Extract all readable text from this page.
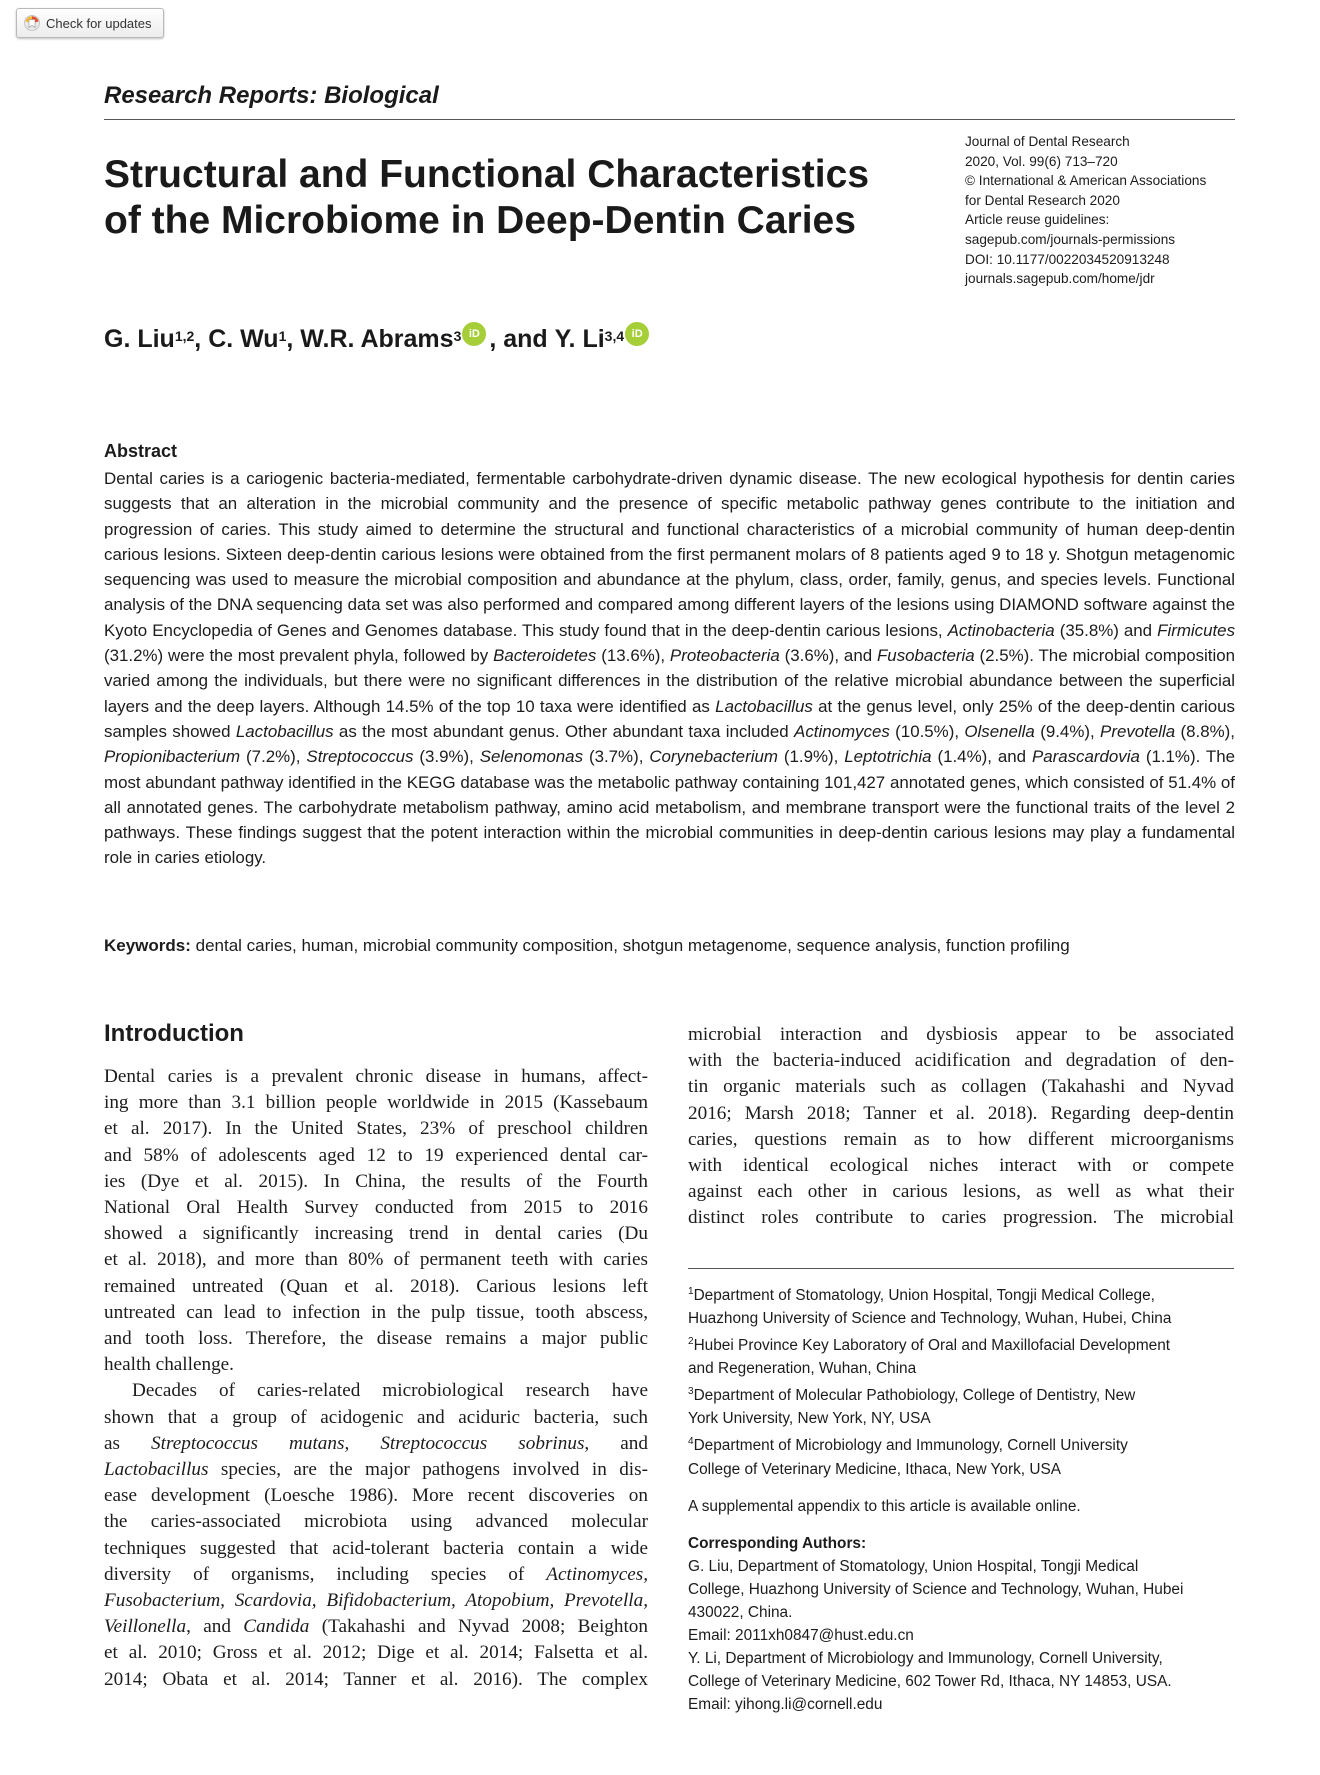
Check for updates
Research Reports: Biological
Structural and Functional Characteristics
of the Microbiome in Deep-Dentin Caries
Journal of Dental Research
2020, Vol. 99(6) 713–720
© International & American Associations
for Dental Research 2020
Article reuse guidelines:
sagepub.com/journals-permissions
DOI: 10.1177/0022034520913248
journals.sagepub.com/home/jdr
G. Liu$^{1,2}$ , C. Wu$^1$ , W.R. Abrams$^3$ iD , and Y. Li$^{3,4}$ iD
Abstract

Dental caries is a cariogenic bacteria-mediated, fermentable carbohydrate-driven dynamic disease. The new ecological hypothesis for dentin caries suggests that an alteration in the microbial community and the presence of specific metabolic pathway genes contribute to the initiation and progression of caries. This study aimed to determine the structural and functional characteristics of a microbial community of human deep-dentin carious lesions. Sixteen deep-dentin carious lesions were obtained from the first permanent molars of 8 patients aged 9 to 18 y. Shotgun metagenomic sequencing was used to measure the microbial composition and abundance at the phylum, class, order, family, genus, and species levels. Functional analysis of the DNA sequencing data set was also performed and compared among different layers of the lesions using DIAMOND software against the Kyoto Encyclopedia of Genes and Genomes database. This study found that in the deep-dentin carious lesions, Actinobacteria (35.8%) and Firmicutes (31.2%) were the most prevalent phyla, followed by Bacteroidetes (13.6%), Proteobacteria (3.6%), and Fusobacteria (2.5%). The microbial composition varied among the individuals, but there were no significant differences in the distribution of the relative microbial abundance between the superficial layers and the deep layers. Although 14.5% of the top 10 taxa were identified as Lactobacillus at the genus level, only 25% of the deep-dentin carious samples showed Lactobacillus as the most abundant genus. Other abundant taxa included Actinomyces (10.5%), Olsenella (9.4%), Prevotella (8.8%), Propionibacterium (7.2%), Streptococcus (3.9%), Selenomonas (3.7%), Corynebacterium (1.9%), Leptotrichia (1.4%), and Parascardovia (1.1%). The most abundant pathway identified in the KEGG database was the metabolic pathway containing 101,427 annotated genes, which consisted of 51.4% of all annotated genes. The carbohydrate metabolism pathway, amino acid metabolism, and membrane transport were the functional traits of the level 2 pathways. These findings suggest that the potent interaction within the microbial communities in deep-dentin carious lesions may play a fundamental role in caries etiology.

Keywords: dental caries, human, microbial community composition, shotgun metagenome, sequence analysis, function profiling
Introduction

Dental caries is a prevalent chronic disease in humans, affect-
ing more than 3.1 billion people worldwide in 2015 (Kassebaum
et al. 2017). In the United States, 23% of preschool children
and 58% of adolescents aged 12 to 19 experienced dental car-
ies (Dye et al. 2015). In China, the results of the Fourth
National Oral Health Survey conducted from 2015 to 2016
showed a significantly increasing trend in dental caries (Du
et al. 2018), and more than 80% of permanent teeth with caries
remained untreated (Quan et al. 2018). Carious lesions left
untreated can lead to infection in the pulp tissue, tooth abscess,
and tooth loss. Therefore, the disease remains a major public
health challenge.

Decades of caries-related microbiological research have
shown that a group of acidogenic and aciduric bacteria, such
as Streptococcus mutans, Streptococcus sobrinus, and
Lactobacillus species, are the major pathogens involved in dis-
ease development (Loesche 1986). More recent discoveries on
the caries-associated microbiota using advanced molecular
techniques suggested that acid-tolerant bacteria contain a wide
diversity of organisms, including species of Actinomyces,
Fusobacterium, Scardovia, Bifidobacterium, Atopobium, Prevotella,
Veillonella, and Candida (Takahashi and Nyvad 2008; Beighton
et al. 2010; Gross et al. 2012; Dige et al. 2014; Falsetta et al.
2014; Obata et al. 2014; Tanner et al. 2016). The complex

microbial interaction and dysbiosis appear to be associated
with the bacteria-induced acidification and degradation of den-
tin organic materials such as collagen (Takahashi and Nyvad
2016; Marsh 2018; Tanner et al. 2018). Regarding deep-dentin
caries, questions remain as to how different microorganisms
with identical ecological niches interact with or compete
against each other in carious lesions, as well as what their
distinct roles contribute to caries progression. The microbial

$^1$Department of Stomatology, Union Hospital, Tongji Medical College,
Huazhong University of Science and Technology, Wuhan, Hubei, China
$^2$Hubei Province Key Laboratory of Oral and Maxillofacial Development
and Regeneration, Wuhan, China
$^3$Department of Molecular Pathobiology, College of Dentistry, New
York University, New York, NY, USA
$^4$Department of Microbiology and Immunology, Cornell University
College of Veterinary Medicine, Ithaca, New York, USA
A supplemental appendix to this article is available online.
Corresponding Authors:
G. Liu, Department of Stomatology, Union Hospital, Tongji Medical
College, Huazhong University of Science and Technology, Wuhan, Hubei
430022, China.
Email: 2011xh0847@hust.edu.cn
Y. Li, Department of Microbiology and Immunology, Cornell University,
College of Veterinary Medicine, 602 Tower Rd, Ithaca, NY 14853, USA.
Email: yihong.li@cornell.edu
